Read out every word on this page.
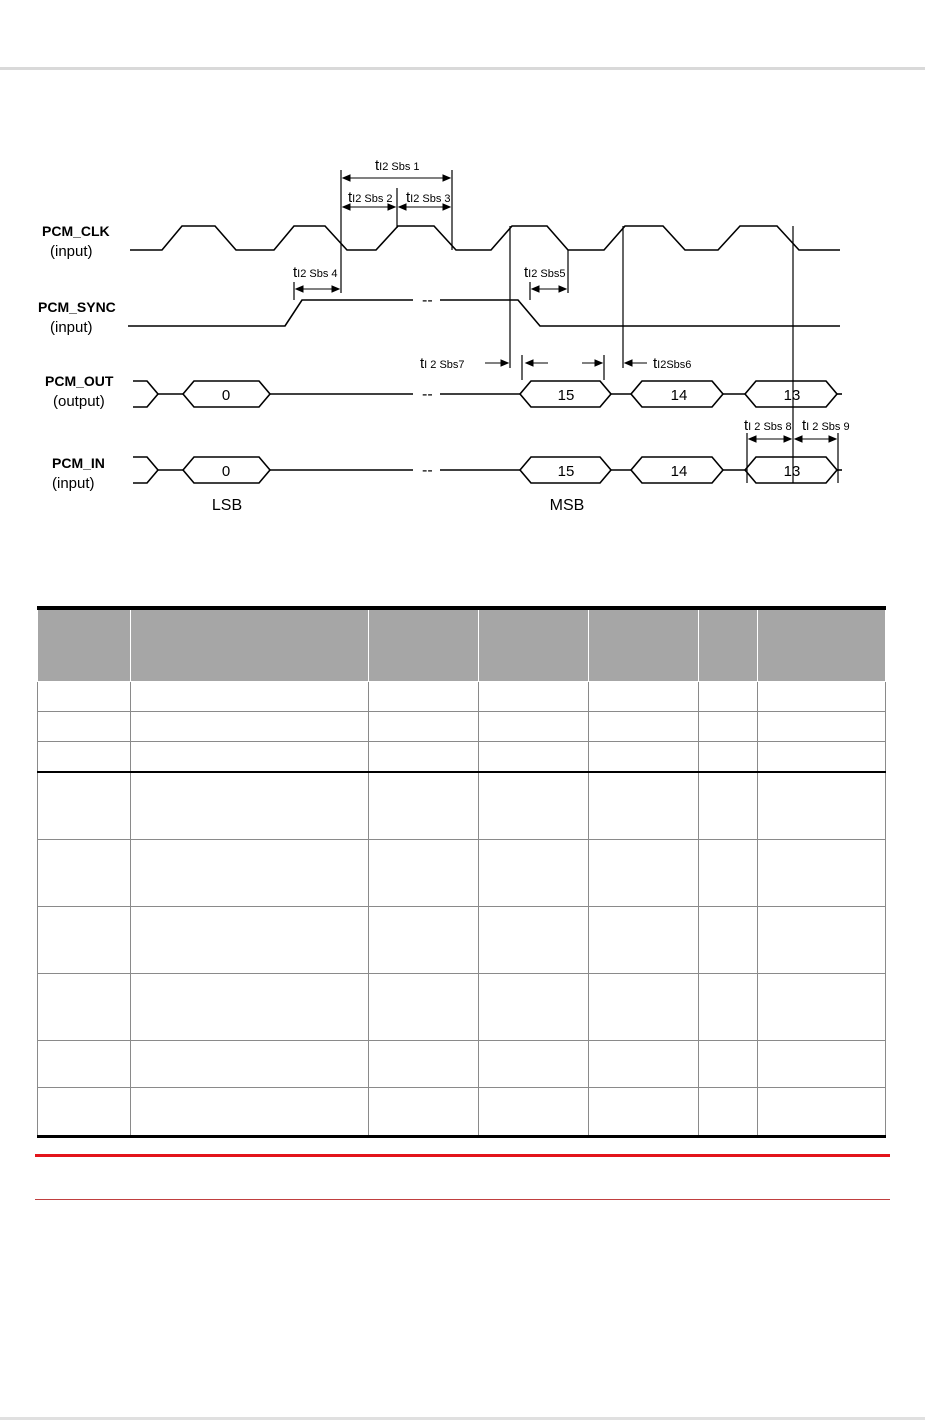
--
--
--
PCM_CLK
(input)
PCM_SYNC
(input)
PCM_OUT
(output)
PCM_IN
(input)
tI2 Sbs 1
tI2 Sbs 2 tI2 Sbs 3
tI2 Sbs 4	tI2 Sbs5
tI2Sbs6
tI 2 Sbs7
tI 2 Sbs 8 tI 2 Sbs 9
0	15	14	13
0	15	14	13
LSB	MSB
